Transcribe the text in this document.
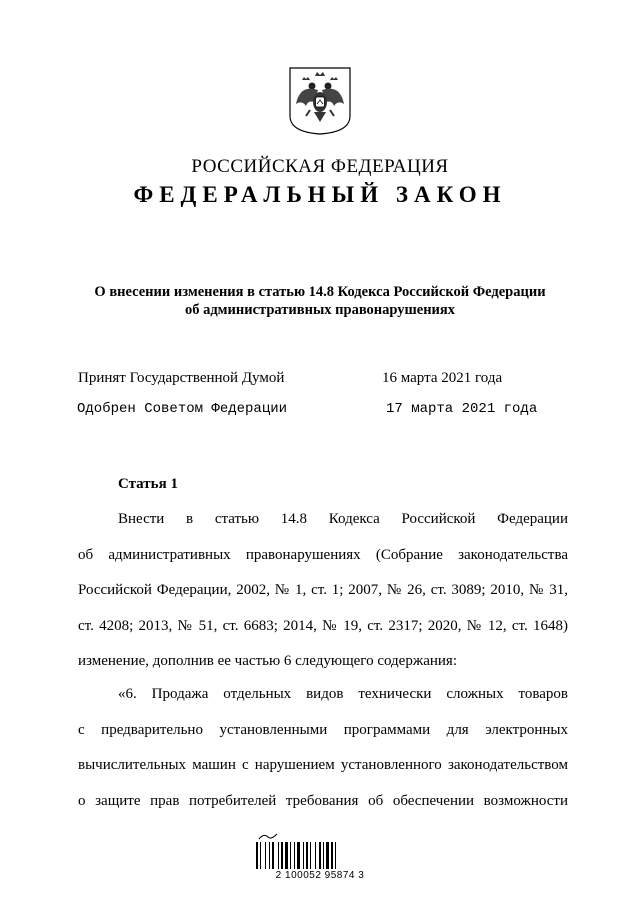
РОССИЙСКАЯ ФЕДЕРАЦИЯ
ФЕДЕРАЛЬНЫЙ ЗАКОН
О внесении изменения в статью 14.8 Кодекса Российской Федерации
об административных правонарушениях
Принят Государственной Думой	16 марта 2021 года
Одобрен Советом Федерации	17 марта 2021 года
Статья 1
Внести в статью 14.8 Кодекса Российской Федерации
об административных правонарушениях (Собрание законодательства
Российской Федерации, 2002, № 1, ст. 1; 2007, № 26, ст. 3089; 2010, № 31,
ст. 4208; 2013, № 51, ст. 6683; 2014, № 19, ст. 2317; 2020, № 12, ст. 1648)
изменение, дополнив ее частью 6 следующего содержания:
«6. Продажа отдельных видов технически сложных товаров
с предварительно установленными программами для электронных
вычислительных машин с нарушением установленного законодательством
о защите прав потребителей требования об обеспечении возможности
2 100052 95874 3
